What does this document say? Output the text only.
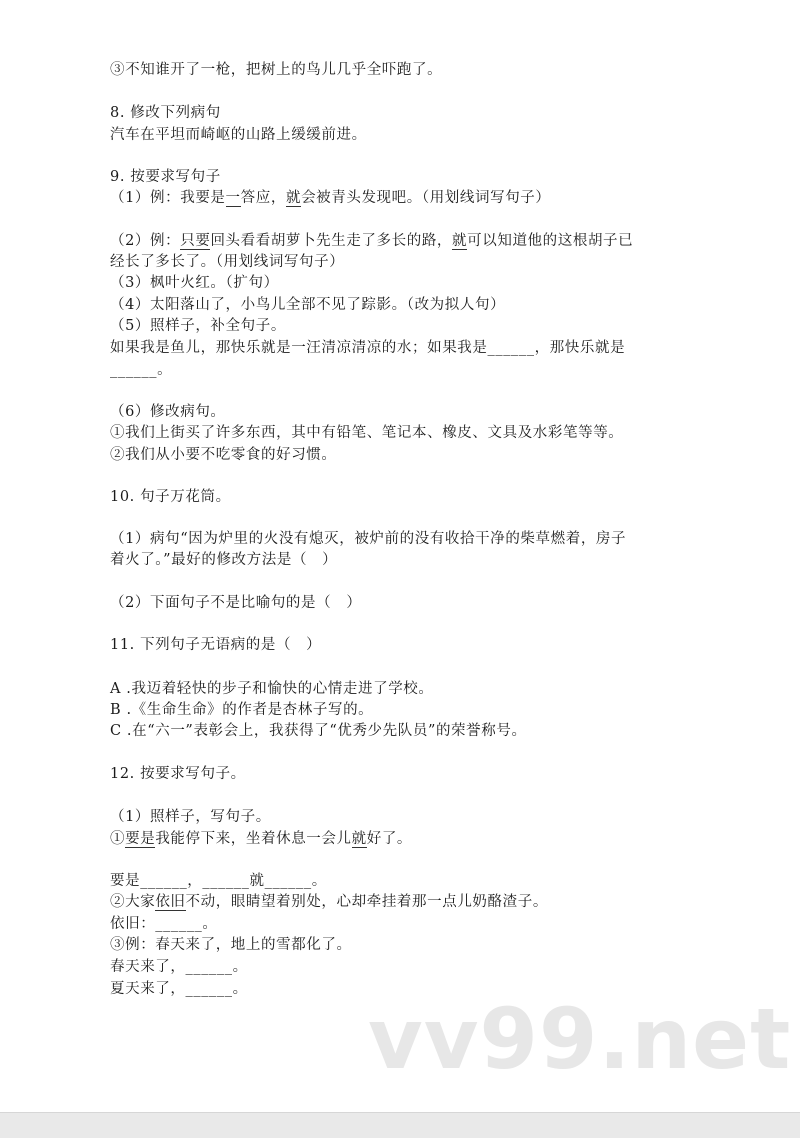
③不知谁开了一枪，把树上的鸟儿几乎全吓跑了。
8. 修改下列病句
汽车在平坦而崎岖的山路上缓缓前进。
9. 按要求写句子
（1）例：我要是一答应，就会被青头发现吧。（用划线词写句子）
（2）例：只要回头看看胡萝卜先生走了多长的路，就可以知道他的这根胡子已
经长了多长了。（用划线词写句子）
（3）枫叶火红。（扩句）
（4）太阳落山了，小鸟儿全部不见了踪影。（改为拟人句）
（5）照样子，补全句子。
如果我是鱼儿，那快乐就是一汪清凉清凉的水；如果我是______，那快乐就是
______。
（6）修改病句。
①我们上街买了许多东西，其中有铅笔、笔记本、橡皮、文具及水彩笔等等。
②我们从小要不吃零食的好习惯。
10. 句子万花筒。
（1）病句“因为炉里的火没有熄灭，被炉前的没有收拾干净的柴草燃着，房子
着火了。”最好的修改方法是（　）
（2）下面句子不是比喻句的是（　）
11. 下列句子无语病的是（　）
A .我迈着轻快的步子和愉快的心情走进了学校。
B .《生命生命》的作者是杏林子写的。
C .在“六一”表彰会上，我获得了“优秀少先队员”的荣誉称号。
12. 按要求写句子。
（1）照样子，写句子。
①要是我能停下来，坐着休息一会儿就好了。
要是______，______就______。
②大家依旧不动，眼睛望着别处，心却牵挂着那一点儿奶酪渣子。
依旧：______。
③例：春天来了，地上的雪都化了。
春天来了，______。
夏天来了，______。
vv99.net
